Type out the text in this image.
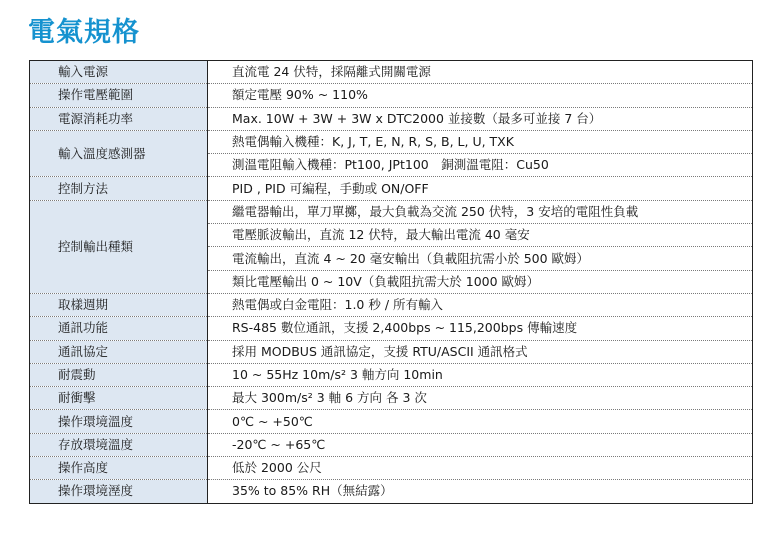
電氣規格
輸入電源	直流電 24 伏特，採隔離式開關電源
操作電壓範圍	額定電壓 90% ~ 110%
電源消耗功率	Max. 10W + 3W + 3W x DTC2000 並接數（最多可並接 7 台）
輸入溫度感測器	熱電偶輸入機種：K, J, T, E, N, R, S, B, L, U, TXK
	測溫電阻輸入機種：Pt100, JPt100　銅測溫電阻：Cu50
控制方法	PID , PID 可編程，手動或 ON/OFF
控制輸出種類	繼電器輸出，單刀單擲，最大負載為交流 250 伏特，3 安培的電阻性負載
	電壓脈波輸出，直流 12 伏特，最大輸出電流 40 毫安
	電流輸出，直流 4 ~ 20 毫安輸出（負載阻抗需小於 500 歐姆）
	類比電壓輸出 0 ~ 10V（負載阻抗需大於 1000 歐姆）
取樣週期	熱電偶或白金電阻：1.0 秒 / 所有輸入
通訊功能	RS-485 數位通訊，支援 2,400bps ~ 115,200bps 傳輸速度
通訊協定	採用 MODBUS 通訊協定，支援 RTU/ASCII 通訊格式
耐震動	10 ~ 55Hz 10m/s² 3 軸方向 10min
耐衝擊	最大 300m/s² 3 軸 6 方向 各 3 次
操作環境溫度	0℃ ~ +50℃
存放環境溫度	-20℃ ~ +65℃
操作高度	低於 2000 公尺
操作環境溼度	35% to 85% RH（無結露）
